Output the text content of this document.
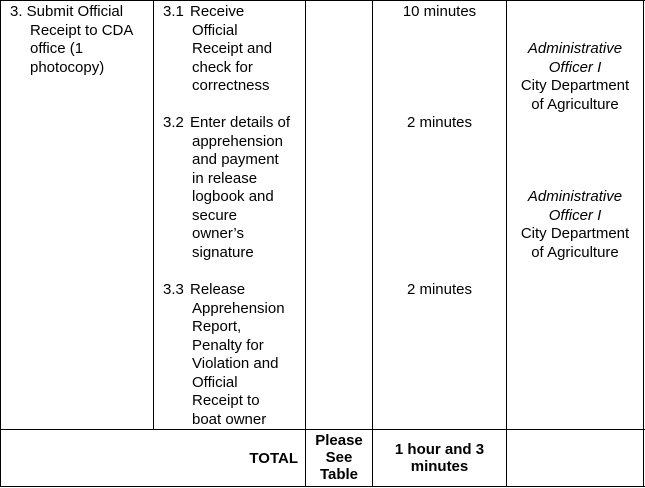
3. Submit Official
Receipt to CDA
office (1
photocopy)
3.1 Receive
Official
Receipt and
check for
correctness
10 minutes
Administrative
Officer I
City Department
of Agriculture
3.2 Enter details of
apprehension
and payment
in release
logbook and
secure
owner’s
signature
2 minutes
Administrative
Officer I
City Department
of Agriculture
3.3 Release
Apprehension
Report,
Penalty for
Violation and
Official
Receipt to
boat owner
2 minutes
TOTAL
Please
See
Table
1 hour and 3
minutes
